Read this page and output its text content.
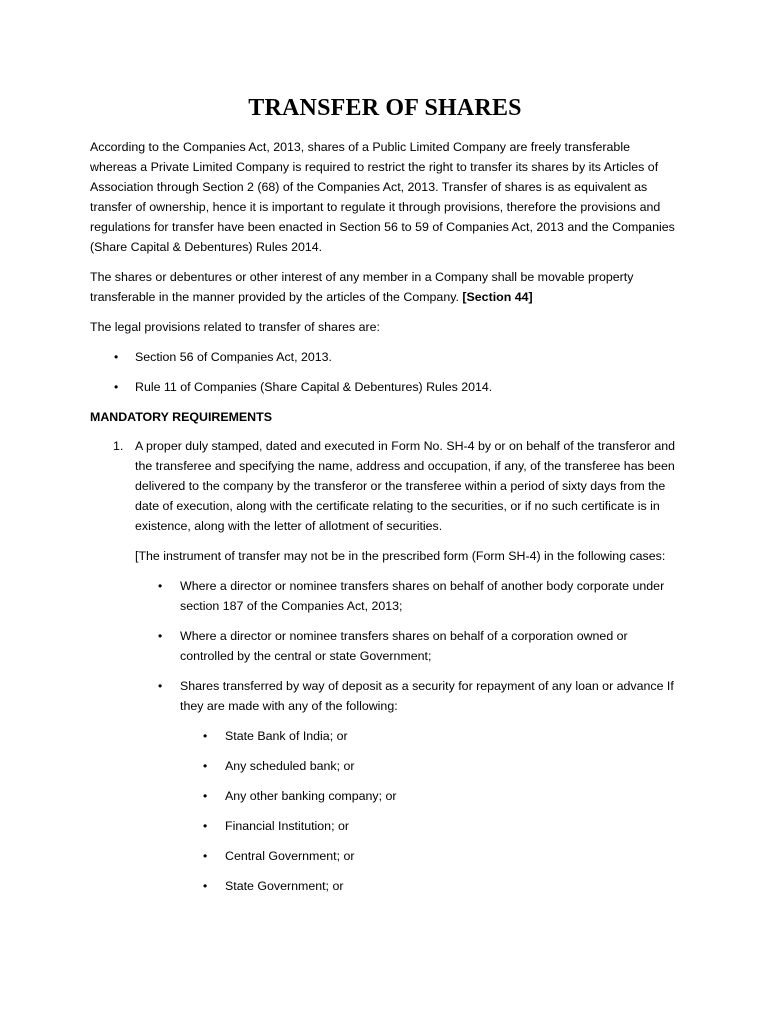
TRANSFER OF SHARES

According to the Companies Act, 2013, shares of a Public Limited Company are freely transferable whereas a Private Limited Company is required to restrict the right to transfer its shares by its Articles of Association through Section 2 (68) of the Companies Act, 2013. Transfer of shares is as equivalent as transfer of ownership, hence it is important to regulate it through provisions, therefore the provisions and regulations for transfer have been enacted in Section 56 to 59 of Companies Act, 2013 and the Companies (Share Capital & Debentures) Rules 2014.

The shares or debentures or other interest of any member in a Company shall be movable property transferable in the manner provided by the articles of the Company. [Section 44]

The legal provisions related to transfer of shares are:

• Section 56 of Companies Act, 2013.
• Rule 11 of Companies (Share Capital & Debentures) Rules 2014.
MANDATORY REQUIREMENTS
1. A proper duly stamped, dated and executed in Form No. SH-4 by or on behalf of the transferor and the transferee and specifying the name, address and occupation, if any, of the transferee has been delivered to the company by the transferor or the transferee within a period of sixty days from the date of execution, along with the certificate relating to the securities, or if no such certificate is in existence, along with the letter of allotment of securities.
[The instrument of transfer may not be in the prescribed form (Form SH-4) in the following cases:
• Where a director or nominee transfers shares on behalf of another body corporate under section 187 of the Companies Act, 2013;
• Where a director or nominee transfers shares on behalf of a corporation owned or controlled by the central or state Government;
• Shares transferred by way of deposit as a security for repayment of any loan or advance If they are made with any of the following:
• State Bank of India; or
• Any scheduled bank; or
• Any other banking company; or
• Financial Institution; or
• Central Government; or
• State Government; or
